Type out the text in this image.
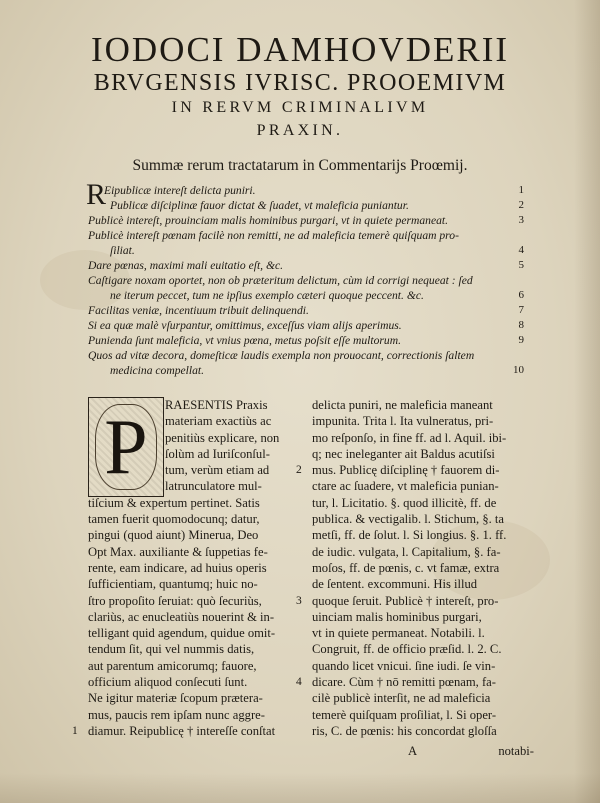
IODOCI DAMHOVDERII
BRVGENSIS IVRISC. PROOEMIVM
IN RERVM CRIMINALIVM
PRAXIN.
Summæ rerum tractatarum in Commentarijs Proœmij.
R
Eipublicæ intereſt delicta puniri.	1
Publicæ diſciplinæ fauor dictat & ſuadet, vt maleficia puniantur.	2
Publicè intereſt, prouinciam malis hominibus purgari, vt in quiete permaneat.	3
Publicè intereſt pœnam facilè non remitti, ne ad maleficia temerè quiſquam pro-
ſiliat.	4
Dare pœnas, maximi mali euitatio eſt, &c.	5
Caſtigare noxam oportet, non ob præteritum delictum, cùm id corrigi nequeat : ſed
ne iterum peccet, tum ne ipſius exemplo cæteri quoque peccent. &c.	6
Facilitas veniæ, incentiuum tribuit delinquendi.	7
Si ea quæ malè vſurpantur, omittimus, exceſſus viam alijs aperimus.	8
Punienda ſunt maleficia, vt vnius pœna, metus poſsit eſſe multorum.	9
Quos ad vitæ decora, domeſticæ laudis exempla non prouocant, correctionis ſaltem
medicina compellat.	10
P	RAESENTIS Praxis
materiam exactiùs ac
penitiùs explicare, non
ſolùm ad Iuriſconſul-
tum, verùm etiam ad
latrunculatore mul-
tiſcium & expertum pertinet. Satis
tamen fuerit quomodocunq; datur,
pingui (quod aiunt) Minerua, Deo
Opt Max. auxiliante & ſuppetias fe-
rente, eam indicare, ad huius operis
ſufficientiam, quantumq; huic no-
ſtro propoſito ſeruiat: quò ſecuriùs,
clariùs, ac enucleatiùs nouerint & in-
telligant quid agendum, quidue omit-
tendum ſit, qui vel nummis datis,
aut parentum amicorumq; fauore,
officium aliquod conſecuti ſunt.
Ne igitur materiæ ſcopum prætera-
mus, paucis rem ipſam nunc aggre-
1 diamur. Reipublicę † intereſſe conſtat
delicta puniri, ne maleficia maneant
impunita. Trita l. Ita vulneratus, pri-
mo reſponſo, in fine ff. ad l. Aquil. ibi-
q; nec ineleganter ait Baldus acutiſsi
2 mus. Publicę diſciplinę † fauorem di-
ctare ac ſuadere, vt maleficia punian-
tur, l. Licitatio. §. quod illicitè, ff. de
publica. & vectigalib. l. Stichum, §. ta
metſi, ff. de ſolut. l. Si longius. §. 1. ff.
de iudic. vulgata, l. Capitalium, §. fa-
moſos, ff. de pœnis, c. vt famæ, extra
de ſentent. excommuni. His illud
3 quoque ſeruit. Publicè † intereſt, pro-
uinciam malis hominibus purgari,
vt in quiete permaneat. Notabili. l.
Congruit, ff. de officio præſid. l. 2. C.
quando licet vnicui. ſine iudi. ſe vin-
4 dicare. Cùm † nō remitti pœnam, fa-
cilè publicè interſit, ne ad maleficia
temerè quiſquam proſiliat, l. Si oper-
ris, C. de pœnis: his concordat gloſſa
A	notabi-
